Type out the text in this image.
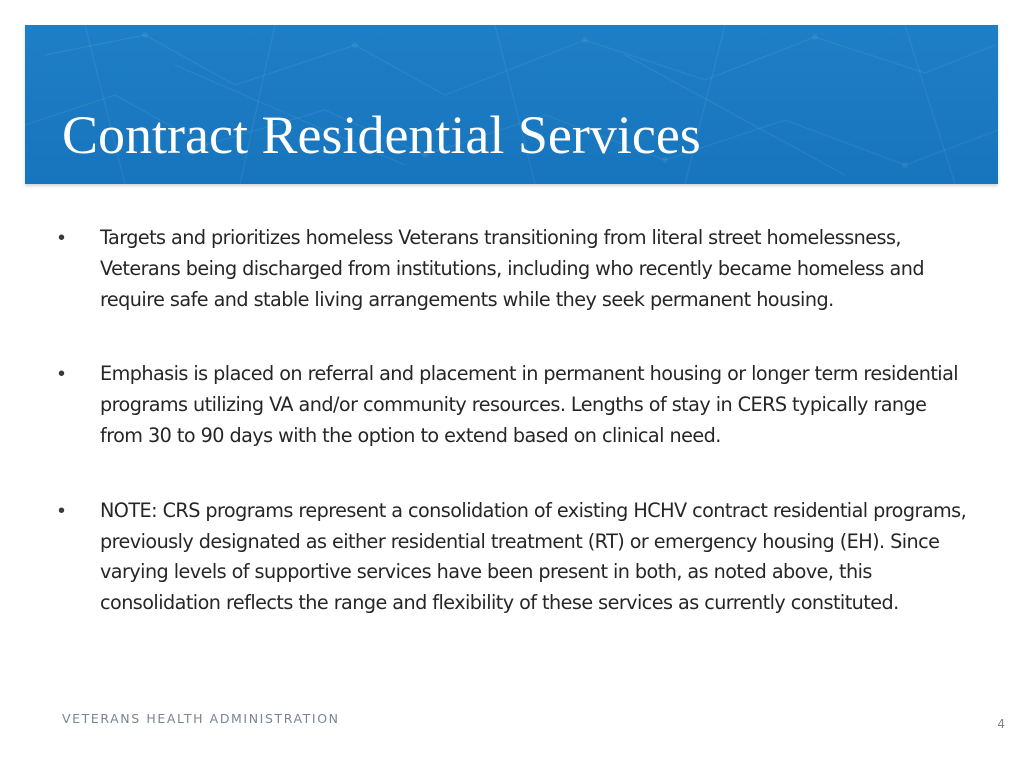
Contract Residential Services
•	Targets and prioritizes homeless Veterans transitioning from literal street homelessness, Veterans being discharged from institutions, including who recently became homeless and require safe and stable living arrangements while they seek permanent housing.
•	Emphasis is placed on referral and placement in permanent housing or longer term residential programs utilizing VA and/or community resources. Lengths of stay in CERS typically range from 30 to 90 days with the option to extend based on clinical need.
•	NOTE: CRS programs represent a consolidation of existing HCHV contract residential programs, previously designated as either residential treatment (RT) or emergency housing (EH). Since varying levels of supportive services have been present in both, as noted above, this consolidation reflects the range and flexibility of these services as currently constituted.
VETERANS HEALTH ADMINISTRATION	4
